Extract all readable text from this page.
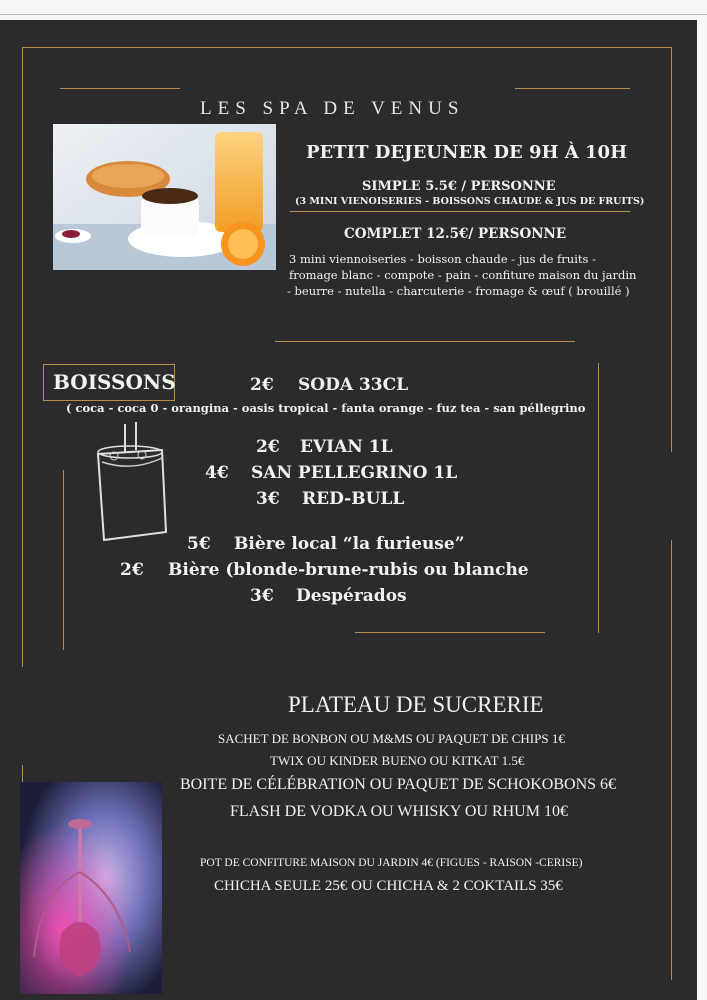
LES SPA DE VENUS
PETIT DEJEUNER DE 9H À 10H
SIMPLE 5.5€ / PERSONNE
(3 MINI VIENOISERIES - BOISSONS CHAUDE & JUS DE FRUITS)
COMPLET 12.5€/ PERSONNE
3 mini viennoiseries - boisson chaude - jus de fruits -
fromage blanc - compote - pain - confiture maison du jardin
- beurre - nutella - charcuterie - fromage & œuf ( brouillé )
BOISSONS	2€ SODA 33CL
( coca - coca 0 - orangina - oasis tropical - fanta orange - fuz tea - san péllegrino
2€ EVIAN 1L
4€ SAN PELLEGRINO 1L
3€ RED-BULL
5€ Bière local “la furieuse”
2€ Bière (blonde-brune-rubis ou blanche
3€ Despérados
PLATEAU DE SUCRERIE
SACHET DE BONBON OU M&MS OU PAQUET DE CHIPS 1€
TWIX OU KINDER BUENO OU KITKAT 1.5€
BOITE DE CÉLÉBRATION OU PAQUET DE SCHOKOBONS 6€
FLASH DE VODKA OU WHISKY OU RHUM 10€
POT DE CONFITURE MAISON DU JARDIN 4€ (FIGUES - RAISON -CERISE)
CHICHA SEULE 25€ OU CHICHA & 2 COKTAILS 35€
